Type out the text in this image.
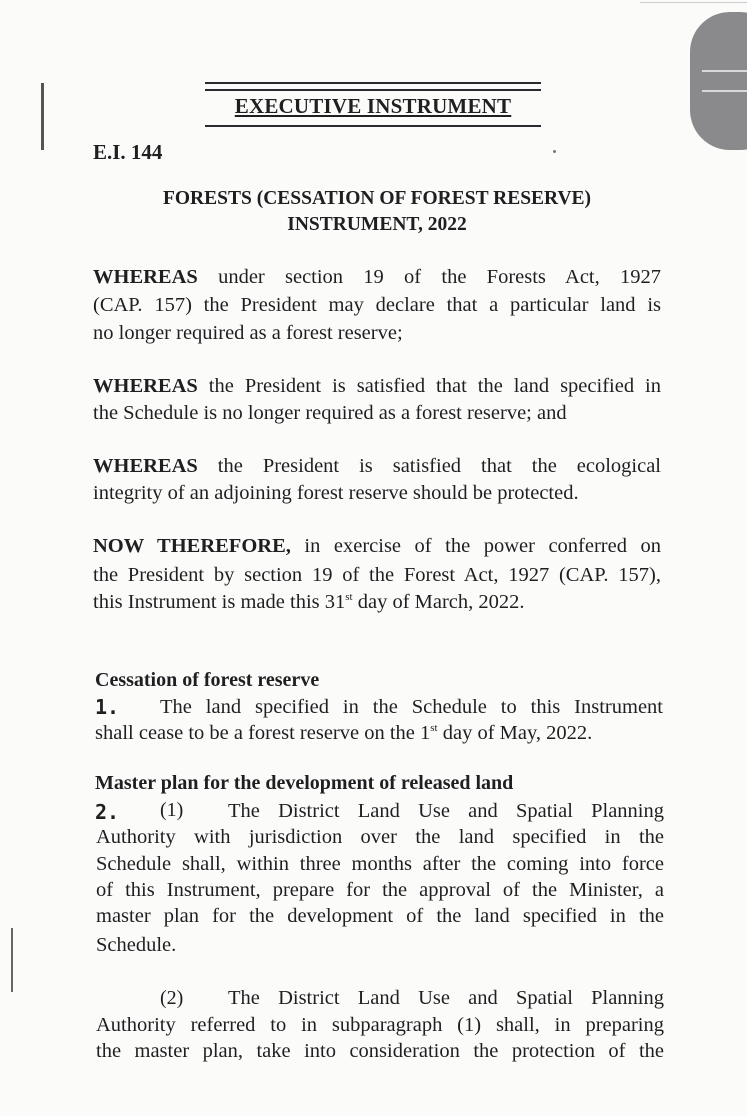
EXECUTIVE INSTRUMENT
E.I. 144
FORESTS (CESSATION OF FOREST RESERVE)
INSTRUMENT, 2022
WHEREAS under section 19 of the Forests Act, 1927
(CAP. 157) the President may declare that a particular land is
no longer required as a forest reserve;
WHEREAS the President is satisfied that the land specified in
the Schedule is no longer required as a forest reserve; and
WHEREAS the President is satisfied that the ecological
integrity of an adjoining forest reserve should be protected.
NOW THEREFORE, in exercise of the power conferred on
the President by section 19 of the Forest Act, 1927 (CAP. 157),
this Instrument is made this 31st day of March, 2022.
Cessation of forest reserve
1. The land specified in the Schedule to this Instrument
shall cease to be a forest reserve on the 1st day of May, 2022.
Master plan for the development of released land
2. (1) The District Land Use and Spatial Planning
Authority with jurisdiction over the land specified in the
Schedule shall, within three months after the coming into force
of this Instrument, prepare for the approval of the Minister, a
master plan for the development of the land specified in the
Schedule.
(2) The District Land Use and Spatial Planning
Authority referred to in subparagraph (1) shall, in preparing
the master plan, take into consideration the protection of the
